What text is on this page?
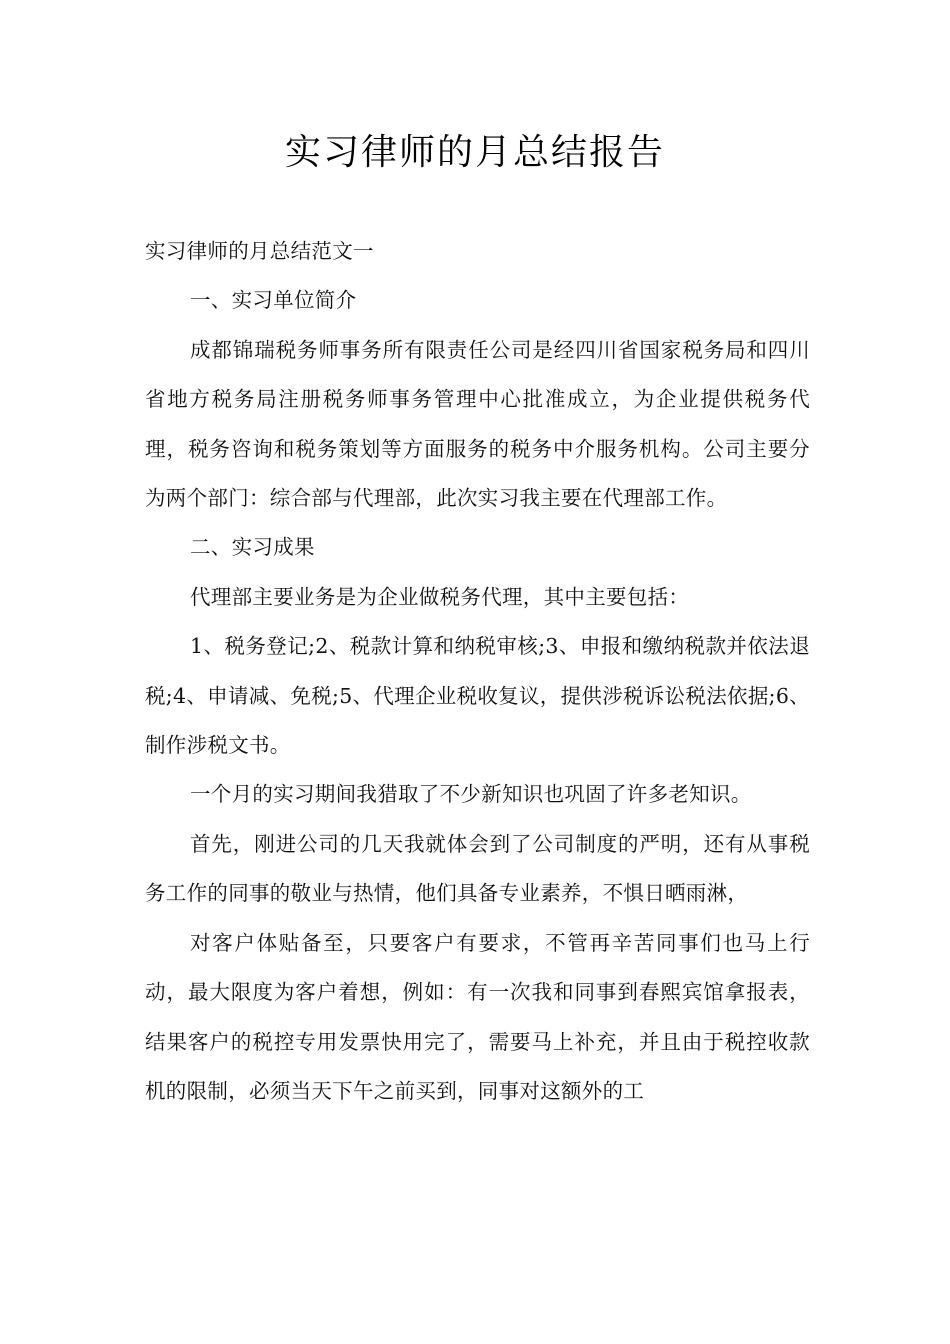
实习律师的月总结报告

实习律师的月总结范文一

一、实习单位简介

成都锦瑞税务师事务所有限责任公司是经四川省国家税务局和四川省地方税务局注册税务师事务管理中心批准成立，为企业提供税务代理，税务咨询和税务策划等方面服务的税务中介服务机构。公司主要分为两个部门：综合部与代理部，此次实习我主要在代理部工作。

二、实习成果

代理部主要业务是为企业做税务代理，其中主要包括：

1、税务登记;2、税款计算和纳税审核;3、申报和缴纳税款并依法退税;4、申请减、免税;5、代理企业税收复议，提供涉税诉讼税法依据;6、制作涉税文书。

一个月的实习期间我猎取了不少新知识也巩固了许多老知识。

首先，刚进公司的几天我就体会到了公司制度的严明，还有从事税务工作的同事的敬业与热情，他们具备专业素养，不惧日晒雨淋，

对客户体贴备至，只要客户有要求，不管再辛苦同事们也马上行动，最大限度为客户着想，例如：有一次我和同事到春熙宾馆拿报表，结果客户的税控专用发票快用完了，需要马上补充，并且由于税控收款机的限制，必须当天下午之前买到，同事对这额外的工
